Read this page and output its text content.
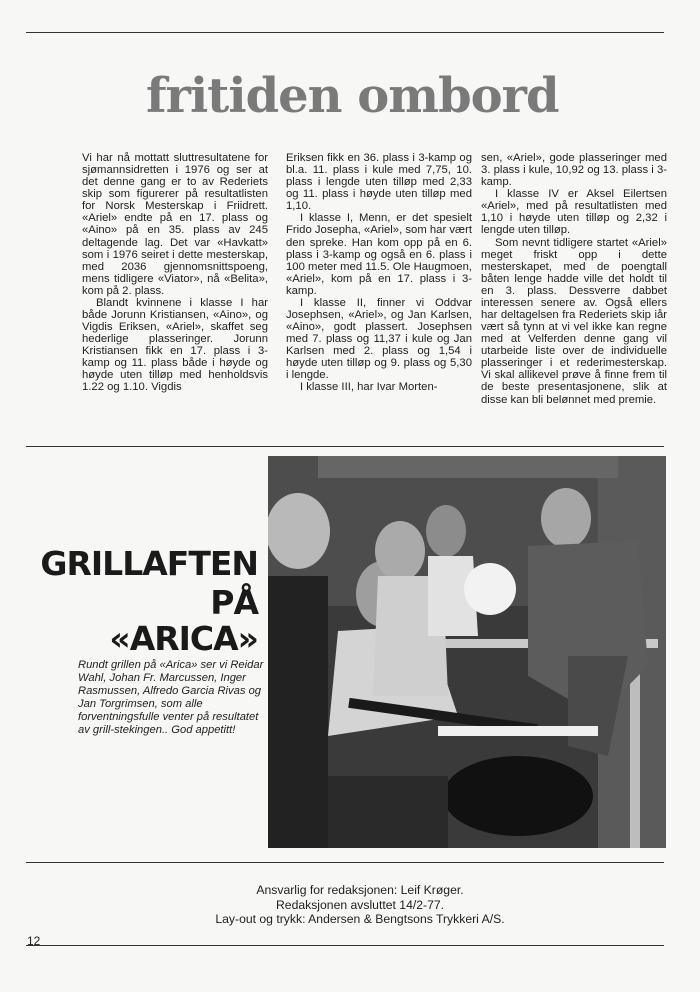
fritiden ombord

Vi har nå mottatt sluttresultatene for sjømannsidretten i 1976 og ser at det denne gang er to av Rederiets skip som figurerer på resultatlisten for Norsk Mesterskap i Friidrett. «Ariel» endte på en 17. plass og «Aino» på en 35. plass av 245 deltagende lag. Det var «Havkatt» som i 1976 seiret i dette mesterskap, med 2036 gjennomsnittspoeng, mens tidligere «Viator», nå «Belita», kom på 2. plass.

Blandt kvinnene i klasse I har både Jorunn Kristiansen, «Aino», og Vigdis Eriksen, «Ariel», skaffet seg hederlige plasseringer. Jorunn Kristiansen fikk en 17. plass i 3-kamp og 11. plass både i høyde og høyde uten tilløp med henholdsvis 1.22 og 1.10. Vigdis

Eriksen fikk en 36. plass i 3-kamp og bl.a. 11. plass i kule med 7,75, 10. plass i lengde uten tilløp med 2,33 og 11. plass i høyde uten tilløp med 1,10.

I klasse I, Menn, er det spesielt Frido Josepha, «Ariel», som har vært den spreke. Han kom opp på en 6. plass i 3-kamp og også en 6. plass i 100 meter med 11.5. Ole Haugmoen, «Ariel», kom på en 17. plass i 3-kamp.

I klasse II, finner vi Oddvar Josephsen, «Ariel», og Jan Karlsen, «Aino», godt plassert. Josephsen med 7. plass og 11,37 i kule og Jan Karlsen med 2. plass og 1,54 i høyde uten tilløp og 9. plass og 5,30 i lengde.

I klasse III, har Ivar Morten-

sen, «Ariel», gode plasseringer med 3. plass i kule, 10,92 og 13. plass i 3-kamp.

I klasse IV er Aksel Eilertsen «Ariel», med på resultatlisten med 1,10 i høyde uten tilløp og 2,32 i lengde uten tilløp.

Som nevnt tidligere startet «Ariel» meget friskt opp i dette mesterskapet, med de poengtall båten lenge hadde ville det holdt til en 3. plass. Dessverre dabbet interessen senere av. Også ellers har deltagelsen fra Rederiets skip iår vært så tynn at vi vel ikke kan regne med at Velferden denne gang vil utarbeide liste over de individuelle plasseringer i et rederimesterskap. Vi skal allikevel prøve å finne frem til de beste presentasjonene, slik at disse kan bli belønnet med premie.

GRILLAFTEN
PÅ
«ARICA»
Rundt grillen på «Arica» ser vi Reidar Wahl, Johan Fr. Marcussen, Inger Rasmussen, Alfredo Garcia Rivas og Jan Torgrimsen, som alle forventningsfulle venter på resultatet av grill-stekingen.. God appetitt!
Ansvarlig for redaksjonen: Leif Krøger.
Redaksjonen avsluttet 14/2-77.
Lay-out og trykk: Andersen & Bengtsons Trykkeri A/S.
12
